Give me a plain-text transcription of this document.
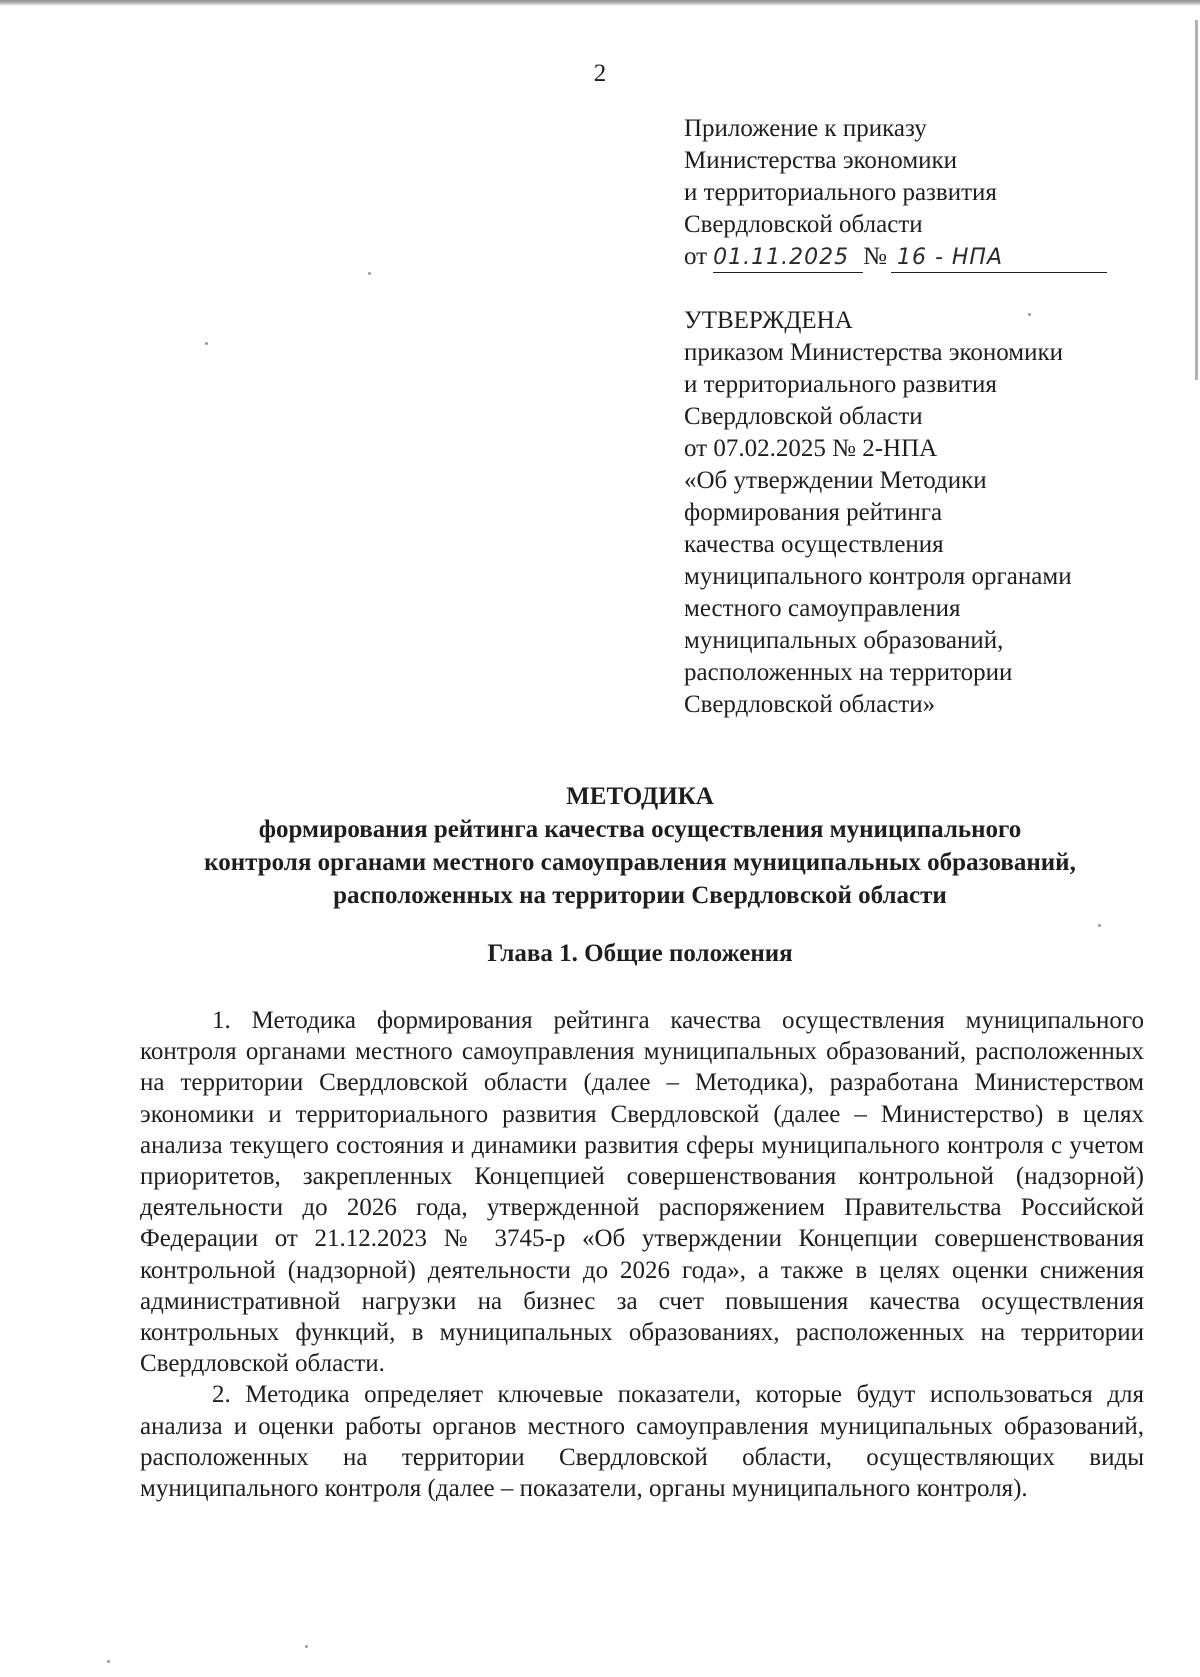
2
Приложение к приказу
Министерства экономики
и территориального развития
Свердловской области
от 01.11.2025 № 16 - НПА
УТВЕРЖДЕНА
приказом Министерства экономики
и территориального развития
Свердловской области
от 07.02.2025 № 2-НПА
«Об утверждении Методики
формирования рейтинга
качества осуществления
муниципального контроля органами
местного самоуправления
муниципальных образований,
расположенных на территории
Свердловской области»
МЕТОДИКА
формирования рейтинга качества осуществления муниципального
контроля органами местного самоуправления муниципальных образований,
расположенных на территории Свердловской области
Глава 1. Общие положения

1. Методика формирования рейтинга качества осуществления муниципального контроля органами местного самоуправления муниципальных образований, расположенных на территории Свердловской области (далее – Методика), разработана Министерством экономики и территориального развития Свердловской (далее – Министерство) в целях анализа текущего состояния и динамики развития сферы муниципального контроля с учетом приоритетов, закрепленных Концепцией совершенствования контрольной (надзорной) деятельности до 2026 года, утвержденной распоряжением Правительства Российской Федерации от 21.12.2023 № 3745-р «Об утверждении Концепции совершенствования контрольной (надзорной) деятельности до 2026 года», а также в целях оценки снижения административной нагрузки на бизнес за счет повышения качества осуществления контрольных функций, в муниципальных образованиях, расположенных на территории Свердловской области.

2. Методика определяет ключевые показатели, которые будут использоваться для анализа и оценки работы органов местного самоуправления муниципальных образований, расположенных на территории Свердловской области, осуществляющих виды муниципального контроля (далее – показатели, органы муниципального контроля).
